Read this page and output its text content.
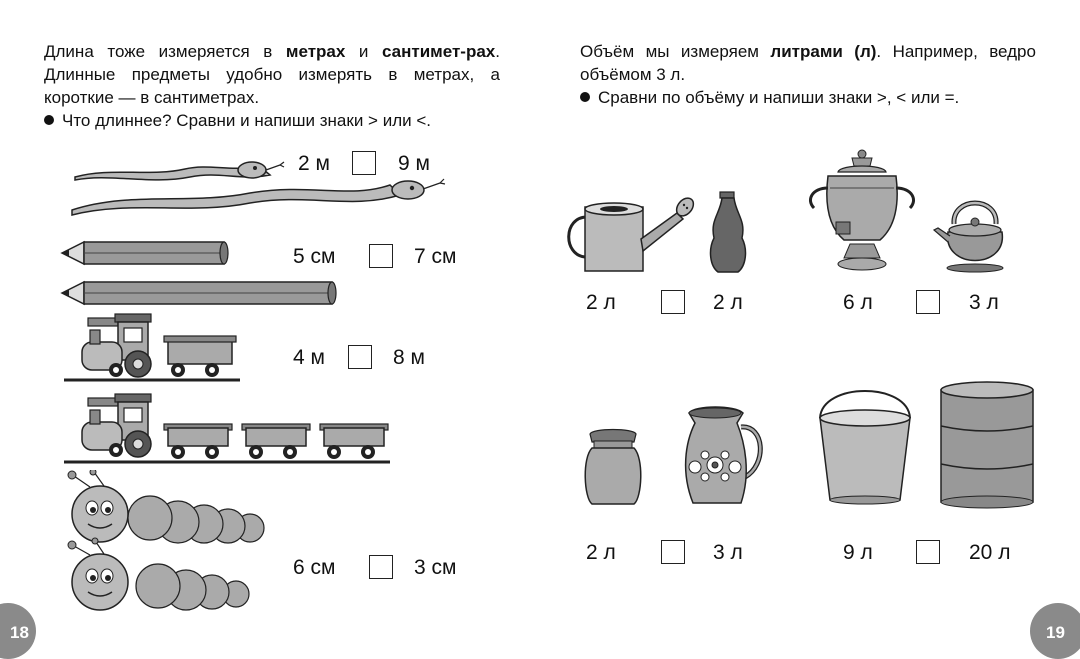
Длина тоже измеряется в метрах и сантимет-рах. Длинные предметы удобно измерять в метрах, а короткие — в сантиметрах.

Что длиннее? Сравни и напиши знаки > или <.

Объём мы измеряем литрами (л). Например, ведро объёмом 3 л.

Сравни по объёму и напиши знаки >, < или =.

2 м	9 м
5 см	7 см
4 м	8 м
6 см	3 см
2 л	2 л	6 л	3 л
2 л	3 л	9 л	20 л
18	19
